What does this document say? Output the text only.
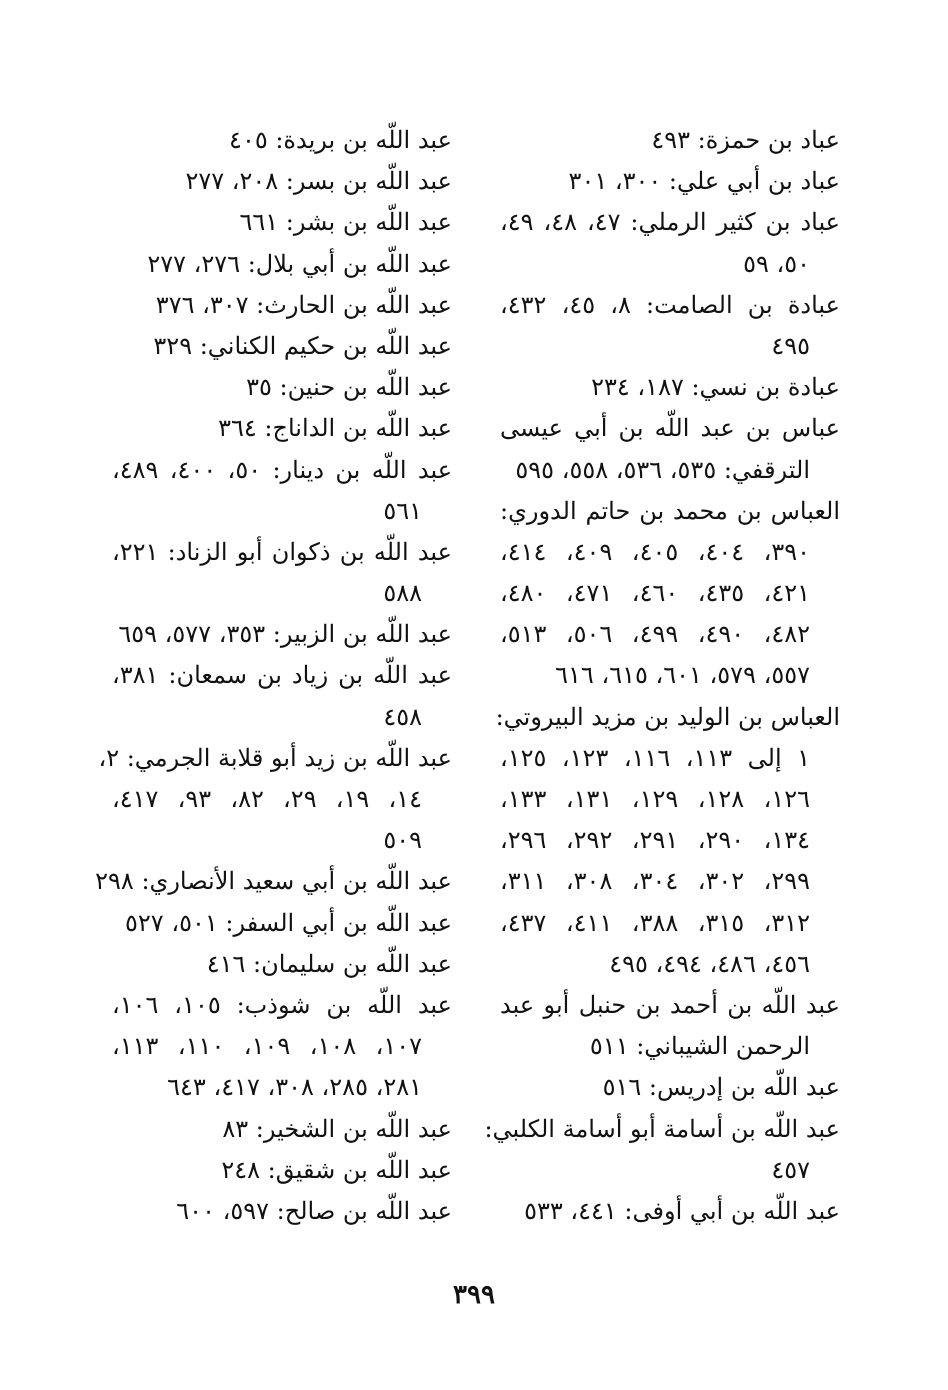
عباد بن حمزة: ٤٩٣
عباد بن أبي علي: ٣٠٠، ٣٠١
عباد بن كثير الرملي: ٤٧، ٤٨، ٤٩،
٥٠، ٥٩
عبادة بن الصامت: ٨، ٤٥، ٤٣٢،
٤٩٥
عبادة بن نسي: ١٨٧، ٢٣٤
عباس بن عبد اللّه بن أبي عيسى
الترقفي: ٥٣٥، ٥٣٦، ٥٥٨، ٥٩٥
العباس بن محمد بن حاتم الدوري:
٣٩٠، ٤٠٤، ٤٠٥، ٤٠٩، ٤١٤،
٤٢١، ٤٣٥، ٤٦٠، ٤٧١، ٤٨٠،
٤٨٢، ٤٩٠، ٤٩٩، ٥٠٦، ٥١٣،
٥٥٧، ٥٧٩، ٦٠١، ٦١٥، ٦١٦
العباس بن الوليد بن مزيد البيروتي:
١ إلى ١١٣، ١١٦، ١٢٣، ١٢٥،
١٢٦، ١٢٨، ١٢٩، ١٣١، ١٣٣،
١٣٤، ٢٩٠، ٢٩١، ٢٩٢، ٢٩٦،
٢٩٩، ٣٠٢، ٣٠٤، ٣٠٨، ٣١١،
٣١٢، ٣١٥، ٣٨٨، ٤١١، ٤٣٧،
٤٥٦، ٤٨٦، ٤٩٤، ٤٩٥
عبد اللّه بن أحمد بن حنبل أبو عبد
الرحمن الشيباني: ٥١١
عبد اللّه بن إدريس: ٥١٦
عبد اللّه بن أسامة أبو أسامة الكلبي:
٤٥٧
عبد اللّه بن أبي أوفى: ٤٤١، ٥٣٣
عبد اللّه بن بريدة: ٤٠٥
عبد اللّه بن بسر: ٢٠٨، ٢٧٧
عبد اللّه بن بشر: ٦٦١
عبد اللّه بن أبي بلال: ٢٧٦، ٢٧٧
عبد اللّه بن الحارث: ٣٠٧، ٣٧٦
عبد اللّه بن حكيم الكناني: ٣٢٩
عبد اللّه بن حنين: ٣٥
عبد اللّه بن الداناج: ٣٦٤
عبد اللّه بن دينار: ٥٠، ٤٠٠، ٤٨٩،
٥٦١
عبد اللّه بن ذكوان أبو الزناد: ٢٢١،
٥٨٨
عبد اللّه بن الزبير: ٣٥٣، ٥٧٧، ٦٥٩
عبد اللّه بن زياد بن سمعان: ٣٨١،
٤٥٨
عبد اللّه بن زيد أبو قلابة الجرمي: ٢،
١٤، ١٩، ٢٩، ٨٢، ٩٣، ٤١٧،
٥٠٩
عبد اللّه بن أبي سعيد الأنصاري: ٢٩٨
عبد اللّه بن أبي السفر: ٥٠١، ٥٢٧
عبد اللّه بن سليمان: ٤١٦
عبد اللّه بن شوذب: ١٠٥، ١٠٦،
١٠٧، ١٠٨، ١٠٩، ١١٠، ١١٣،
٢٨١، ٢٨٥، ٣٠٨، ٤١٧، ٦٤٣
عبد اللّه بن الشخير: ٨٣
عبد اللّه بن شقيق: ٢٤٨
عبد اللّه بن صالح: ٥٩٧، ٦٠٠
٣٩٩
